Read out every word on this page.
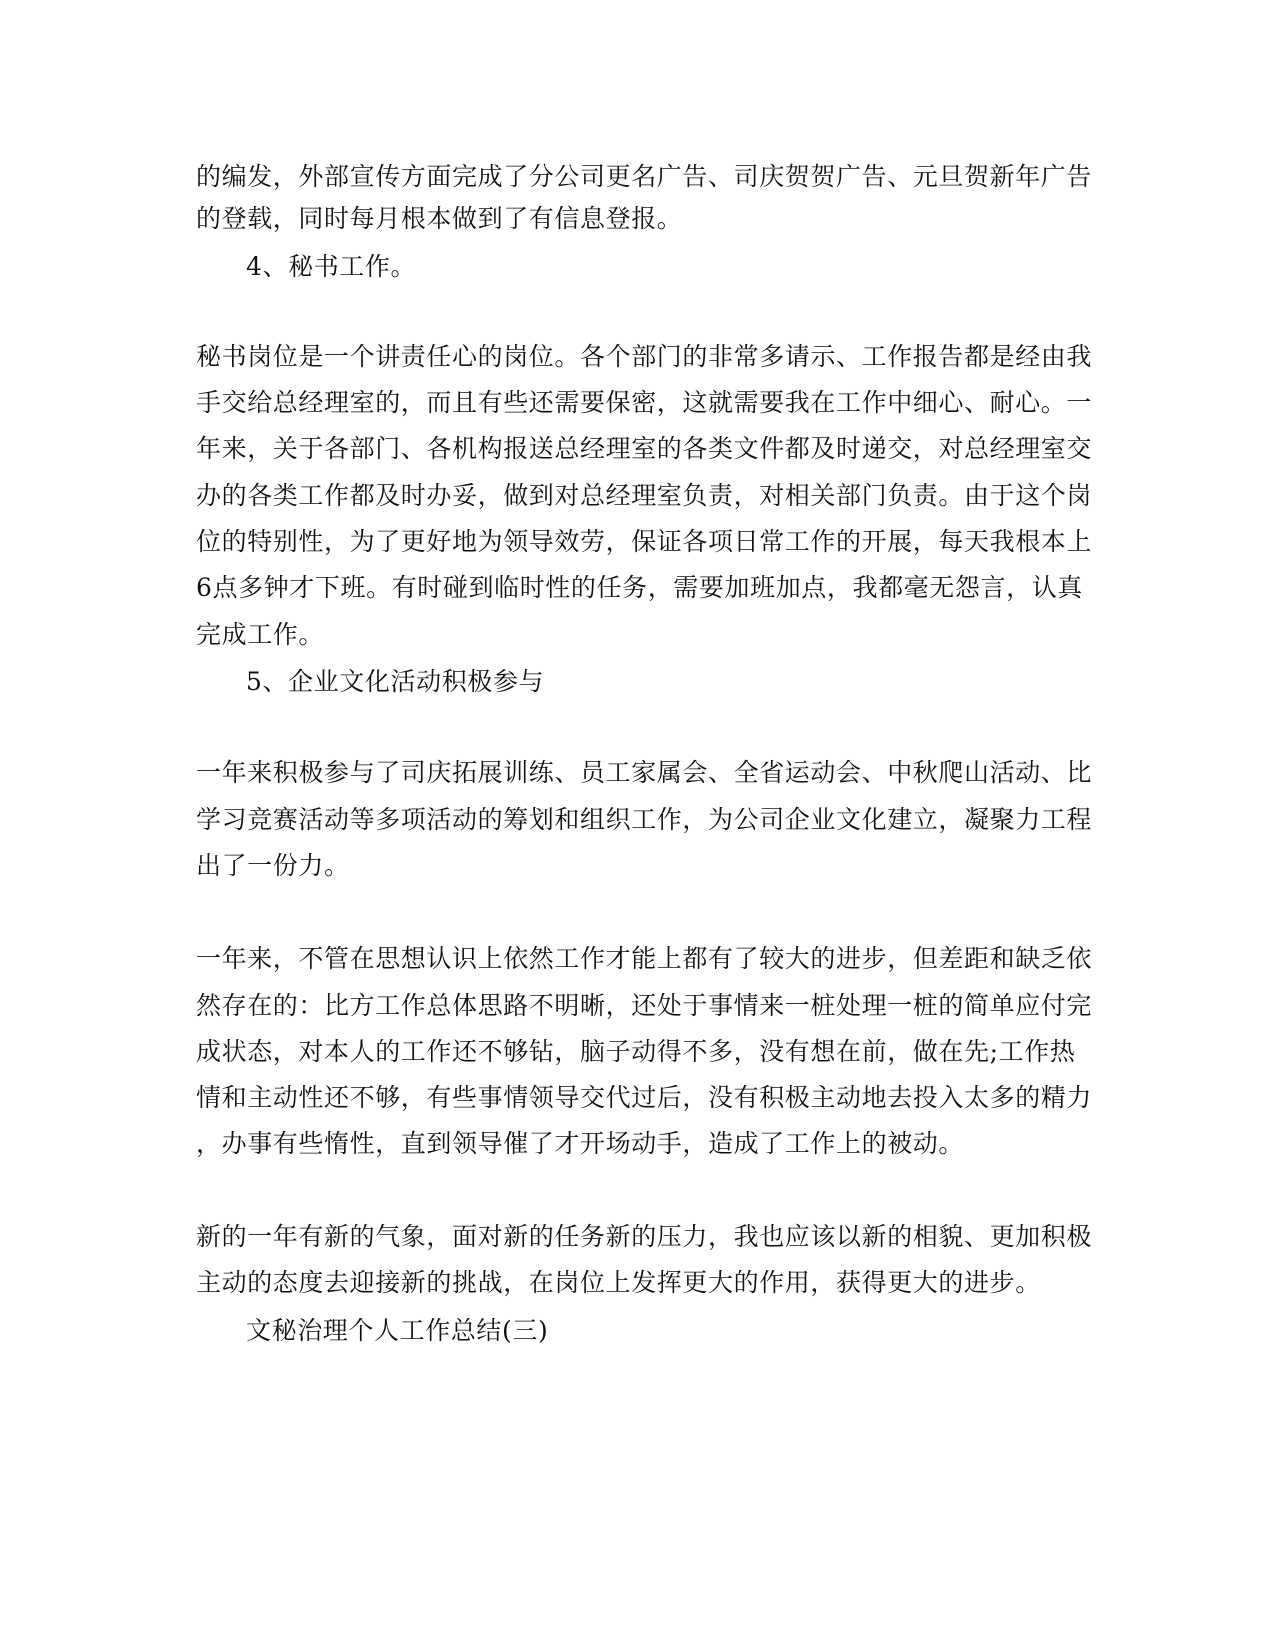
的编发，外部宣传方面完成了分公司更名广告、司庆贺贺广告、元旦贺新年广告
的登载，同时每月根本做到了有信息登报。
4、秘书工作。
秘书岗位是一个讲责任心的岗位。各个部门的非常多请示、工作报告都是经由我
手交给总经理室的，而且有些还需要保密，这就需要我在工作中细心、耐心。一
年来，关于各部门、各机构报送总经理室的各类文件都及时递交，对总经理室交
办的各类工作都及时办妥，做到对总经理室负责，对相关部门负责。由于这个岗
位的特别性，为了更好地为领导效劳，保证各项日常工作的开展，每天我根本上
6点多钟才下班。有时碰到临时性的任务，需要加班加点，我都毫无怨言，认真
完成工作。
5、企业文化活动积极参与
一年来积极参与了司庆拓展训练、员工家属会、全省运动会、中秋爬山活动、比
学习竞赛活动等多项活动的筹划和组织工作，为公司企业文化建立，凝聚力工程
出了一份力。
一年来，不管在思想认识上依然工作才能上都有了较大的进步，但差距和缺乏依
然存在的：比方工作总体思路不明晰，还处于事情来一桩处理一桩的简单应付完
成状态，对本人的工作还不够钻，脑子动得不多，没有想在前，做在先;工作热
情和主动性还不够，有些事情领导交代过后，没有积极主动地去投入太多的精力
，办事有些惰性，直到领导催了才开场动手，造成了工作上的被动。
新的一年有新的气象，面对新的任务新的压力，我也应该以新的相貌、更加积极
主动的态度去迎接新的挑战，在岗位上发挥更大的作用，获得更大的进步。
文秘治理个人工作总结(三)
